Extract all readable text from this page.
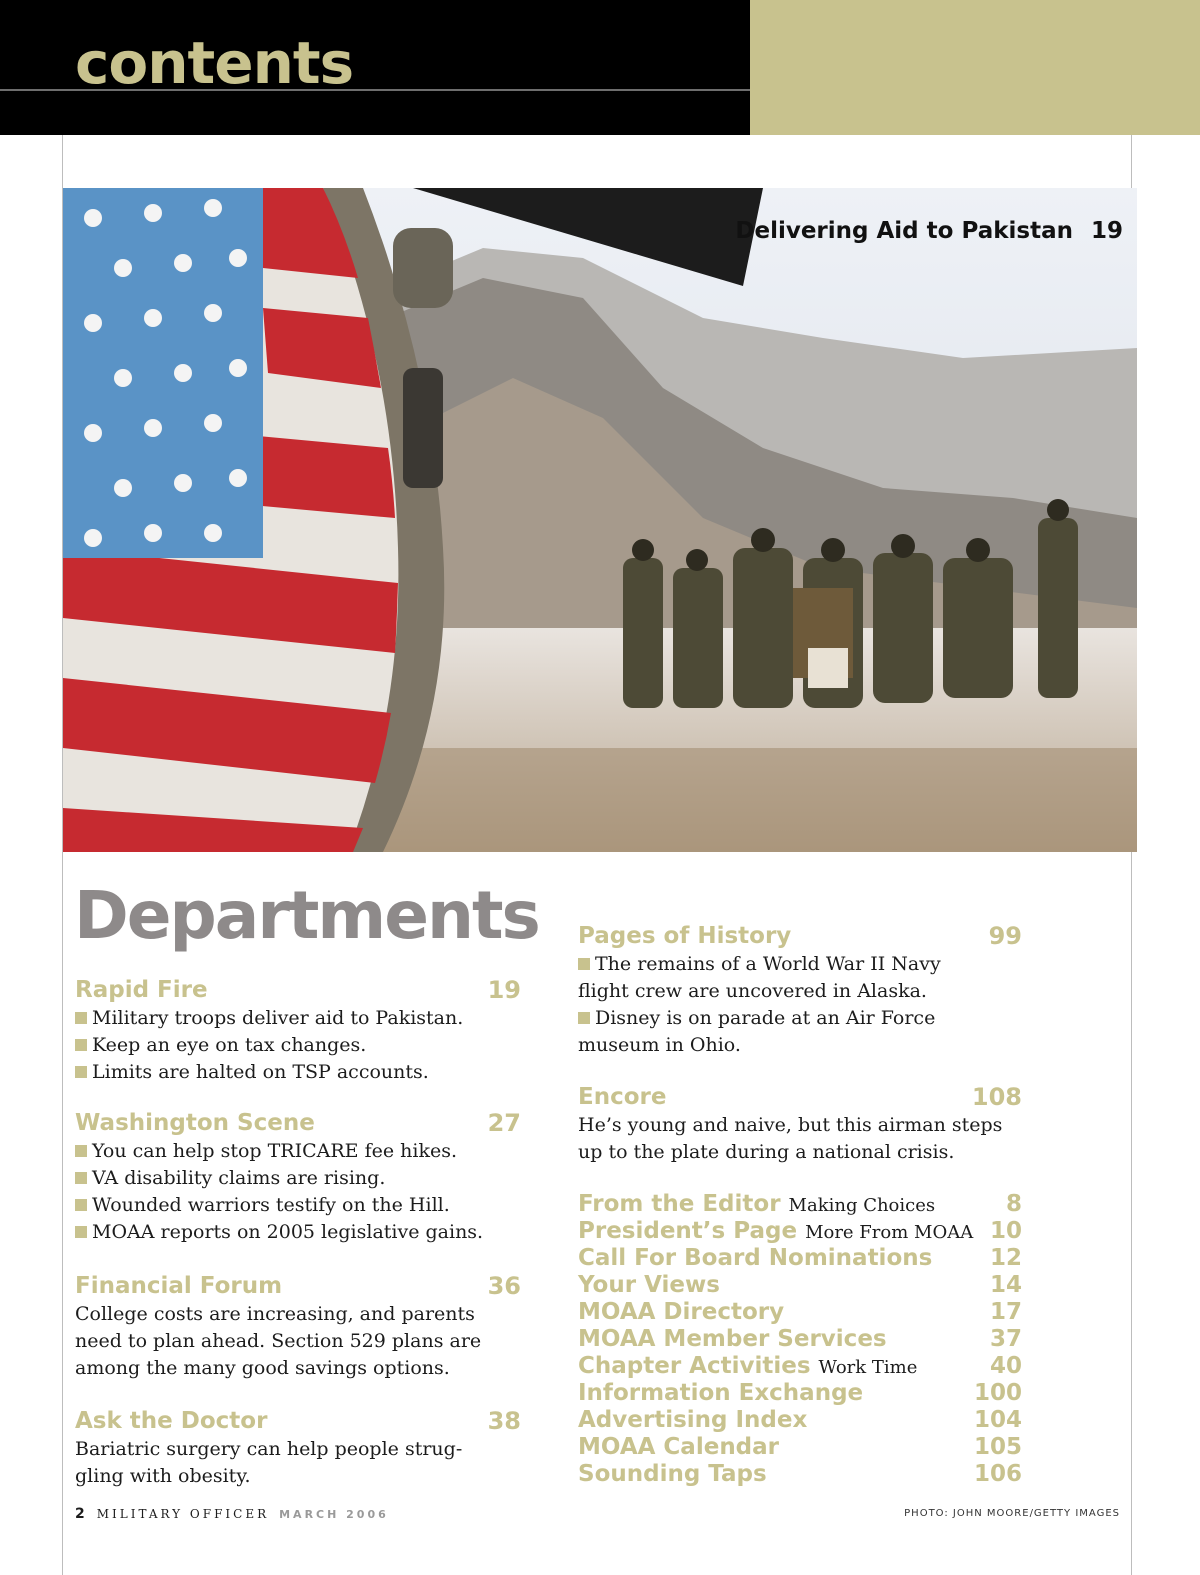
contents
Delivering Aid to Pakistan 19
Departments
Rapid Fire	19
Military troops deliver aid to Pakistan.
Keep an eye on tax changes.
Limits are halted on TSP accounts.
Washington Scene	27
You can help stop TRICARE fee hikes.
VA disability claims are rising.
Wounded warriors testify on the Hill.
MOAA reports on 2005 legislative gains.
Financial Forum	36
College costs are increasing, and parents
need to plan ahead. Section 529 plans are
among the many good savings options.
Ask the Doctor	38
Bariatric surgery can help people strug-
gling with obesity.
Pages of History	99
The remains of a World War II Navy
flight crew are uncovered in Alaska.
Disney is on parade at an Air Force
museum in Ohio.
Encore	108
He’s young and naive, but this airman steps
up to the plate during a national crisis.
From the Editor Making Choices	8
President’s Page More From MOAA 10
Call For Board Nominations	12
Your Views	14
MOAA Directory	17
MOAA Member Services	37
Chapter Activities Work Time	40
Information Exchange	100
Advertising Index	104
MOAA Calendar	105
Sounding Taps	106
2 MILITARY OFFICER MARCH 2006	PHOTO: JOHN MOORE/GETTY IMAGES
